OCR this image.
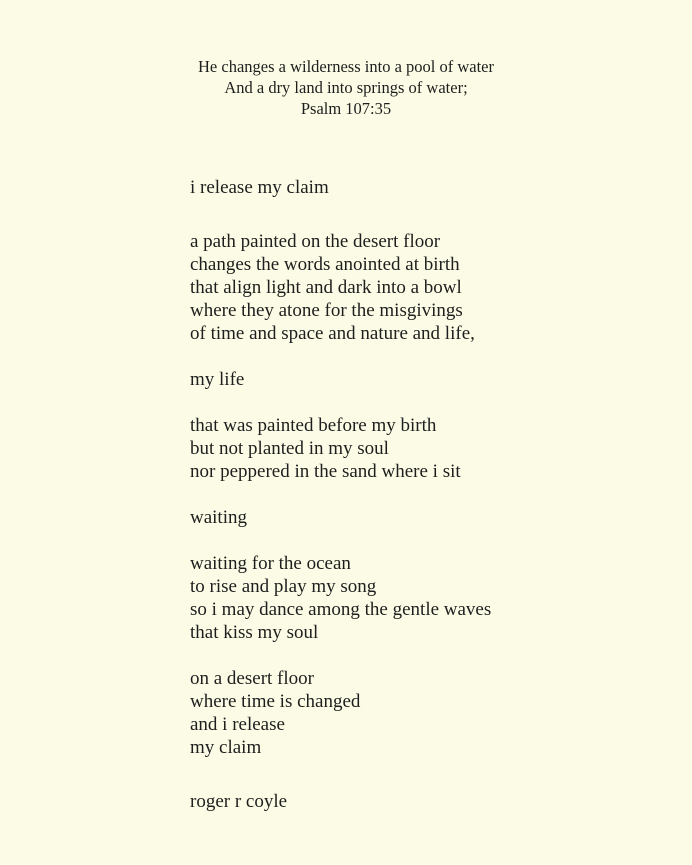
He changes a wilderness into a pool of water
And a dry land into springs of water;
Psalm 107:35
i release my claim
a path painted on the desert floor
changes the words anointed at birth
that align light and dark into a bowl
where they atone for the misgivings
of time and space and nature and life,
my life
that was painted before my birth
but not planted in my soul
nor peppered in the sand where i sit
waiting
waiting for the ocean
to rise and play my song
so i may dance among the gentle waves
that kiss my soul
on a desert floor
where time is changed
and i release
my claim
roger r coyle
